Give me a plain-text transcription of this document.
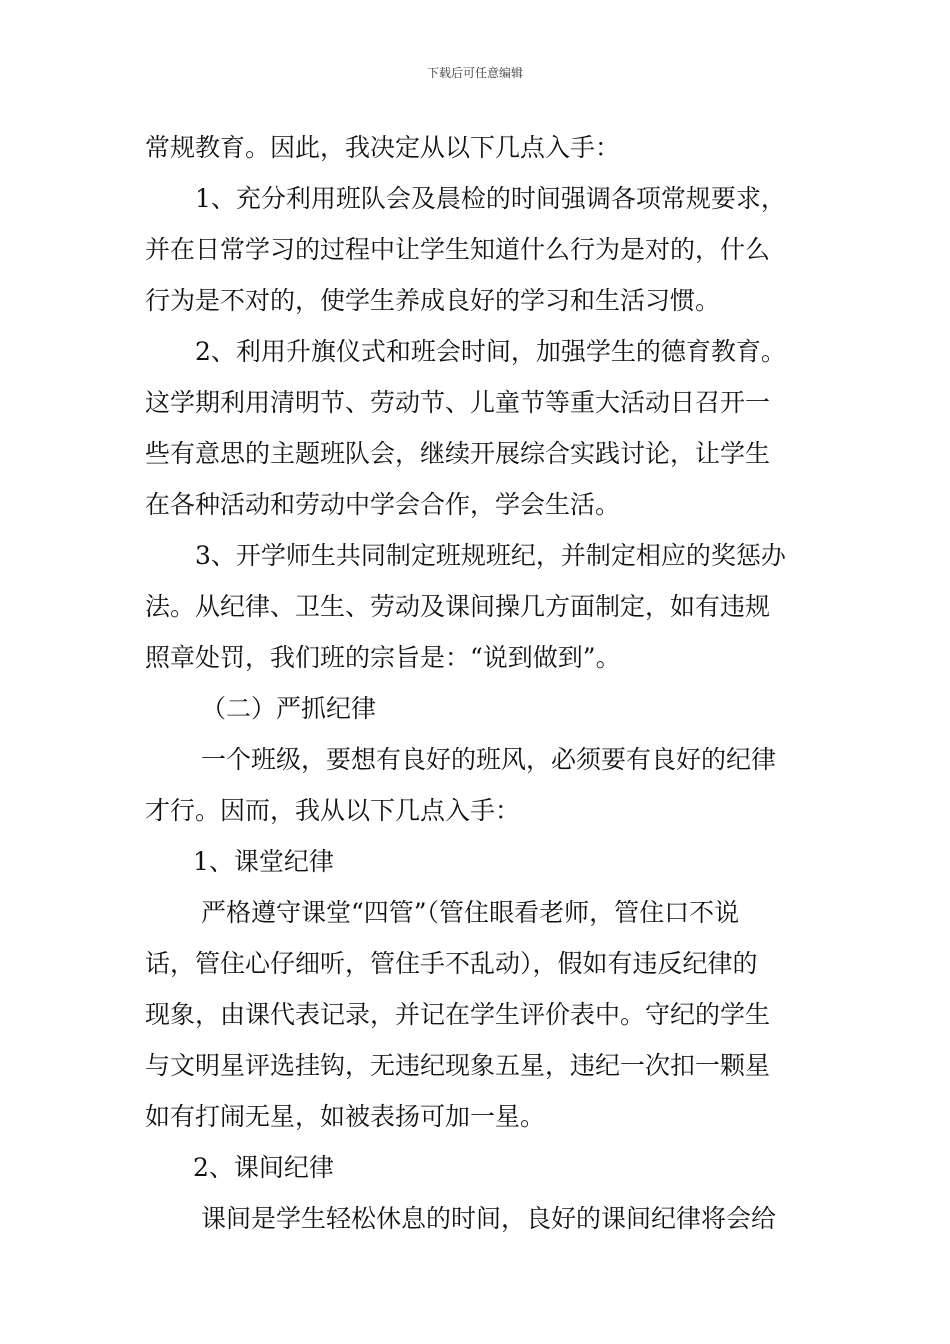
下载后可任意编辑
常规教育。因此，我决定从以下几点入手：
1、充分利用班队会及晨检的时间强调各项常规要求，
并在日常学习的过程中让学生知道什么行为是对的，什么
行为是不对的，使学生养成良好的学习和生活习惯。
2、利用升旗仪式和班会时间，加强学生的德育教育。
这学期利用清明节、劳动节、儿童节等重大活动日召开一
些有意思的主题班队会，继续开展综合实践讨论，让学生
在各种活动和劳动中学会合作，学会生活。
3、开学师生共同制定班规班纪，并制定相应的奖惩办
法。从纪律、卫生、劳动及课间操几方面制定，如有违规
照章处罚，我们班的宗旨是：“说到做到”。
（二）严抓纪律
一个班级，要想有良好的班风，必须要有良好的纪律
才行。因而，我从以下几点入手：
1、课堂纪律
严格遵守课堂“四管”（管住眼看老师，管住口不说
话，管住心仔细听，管住手不乱动），假如有违反纪律的
现象，由课代表记录，并记在学生评价表中。守纪的学生
与文明星评选挂钩，无违纪现象五星，违纪一次扣一颗星
如有打闹无星，如被表扬可加一星。
2、课间纪律
课间是学生轻松休息的时间，良好的课间纪律将会给
